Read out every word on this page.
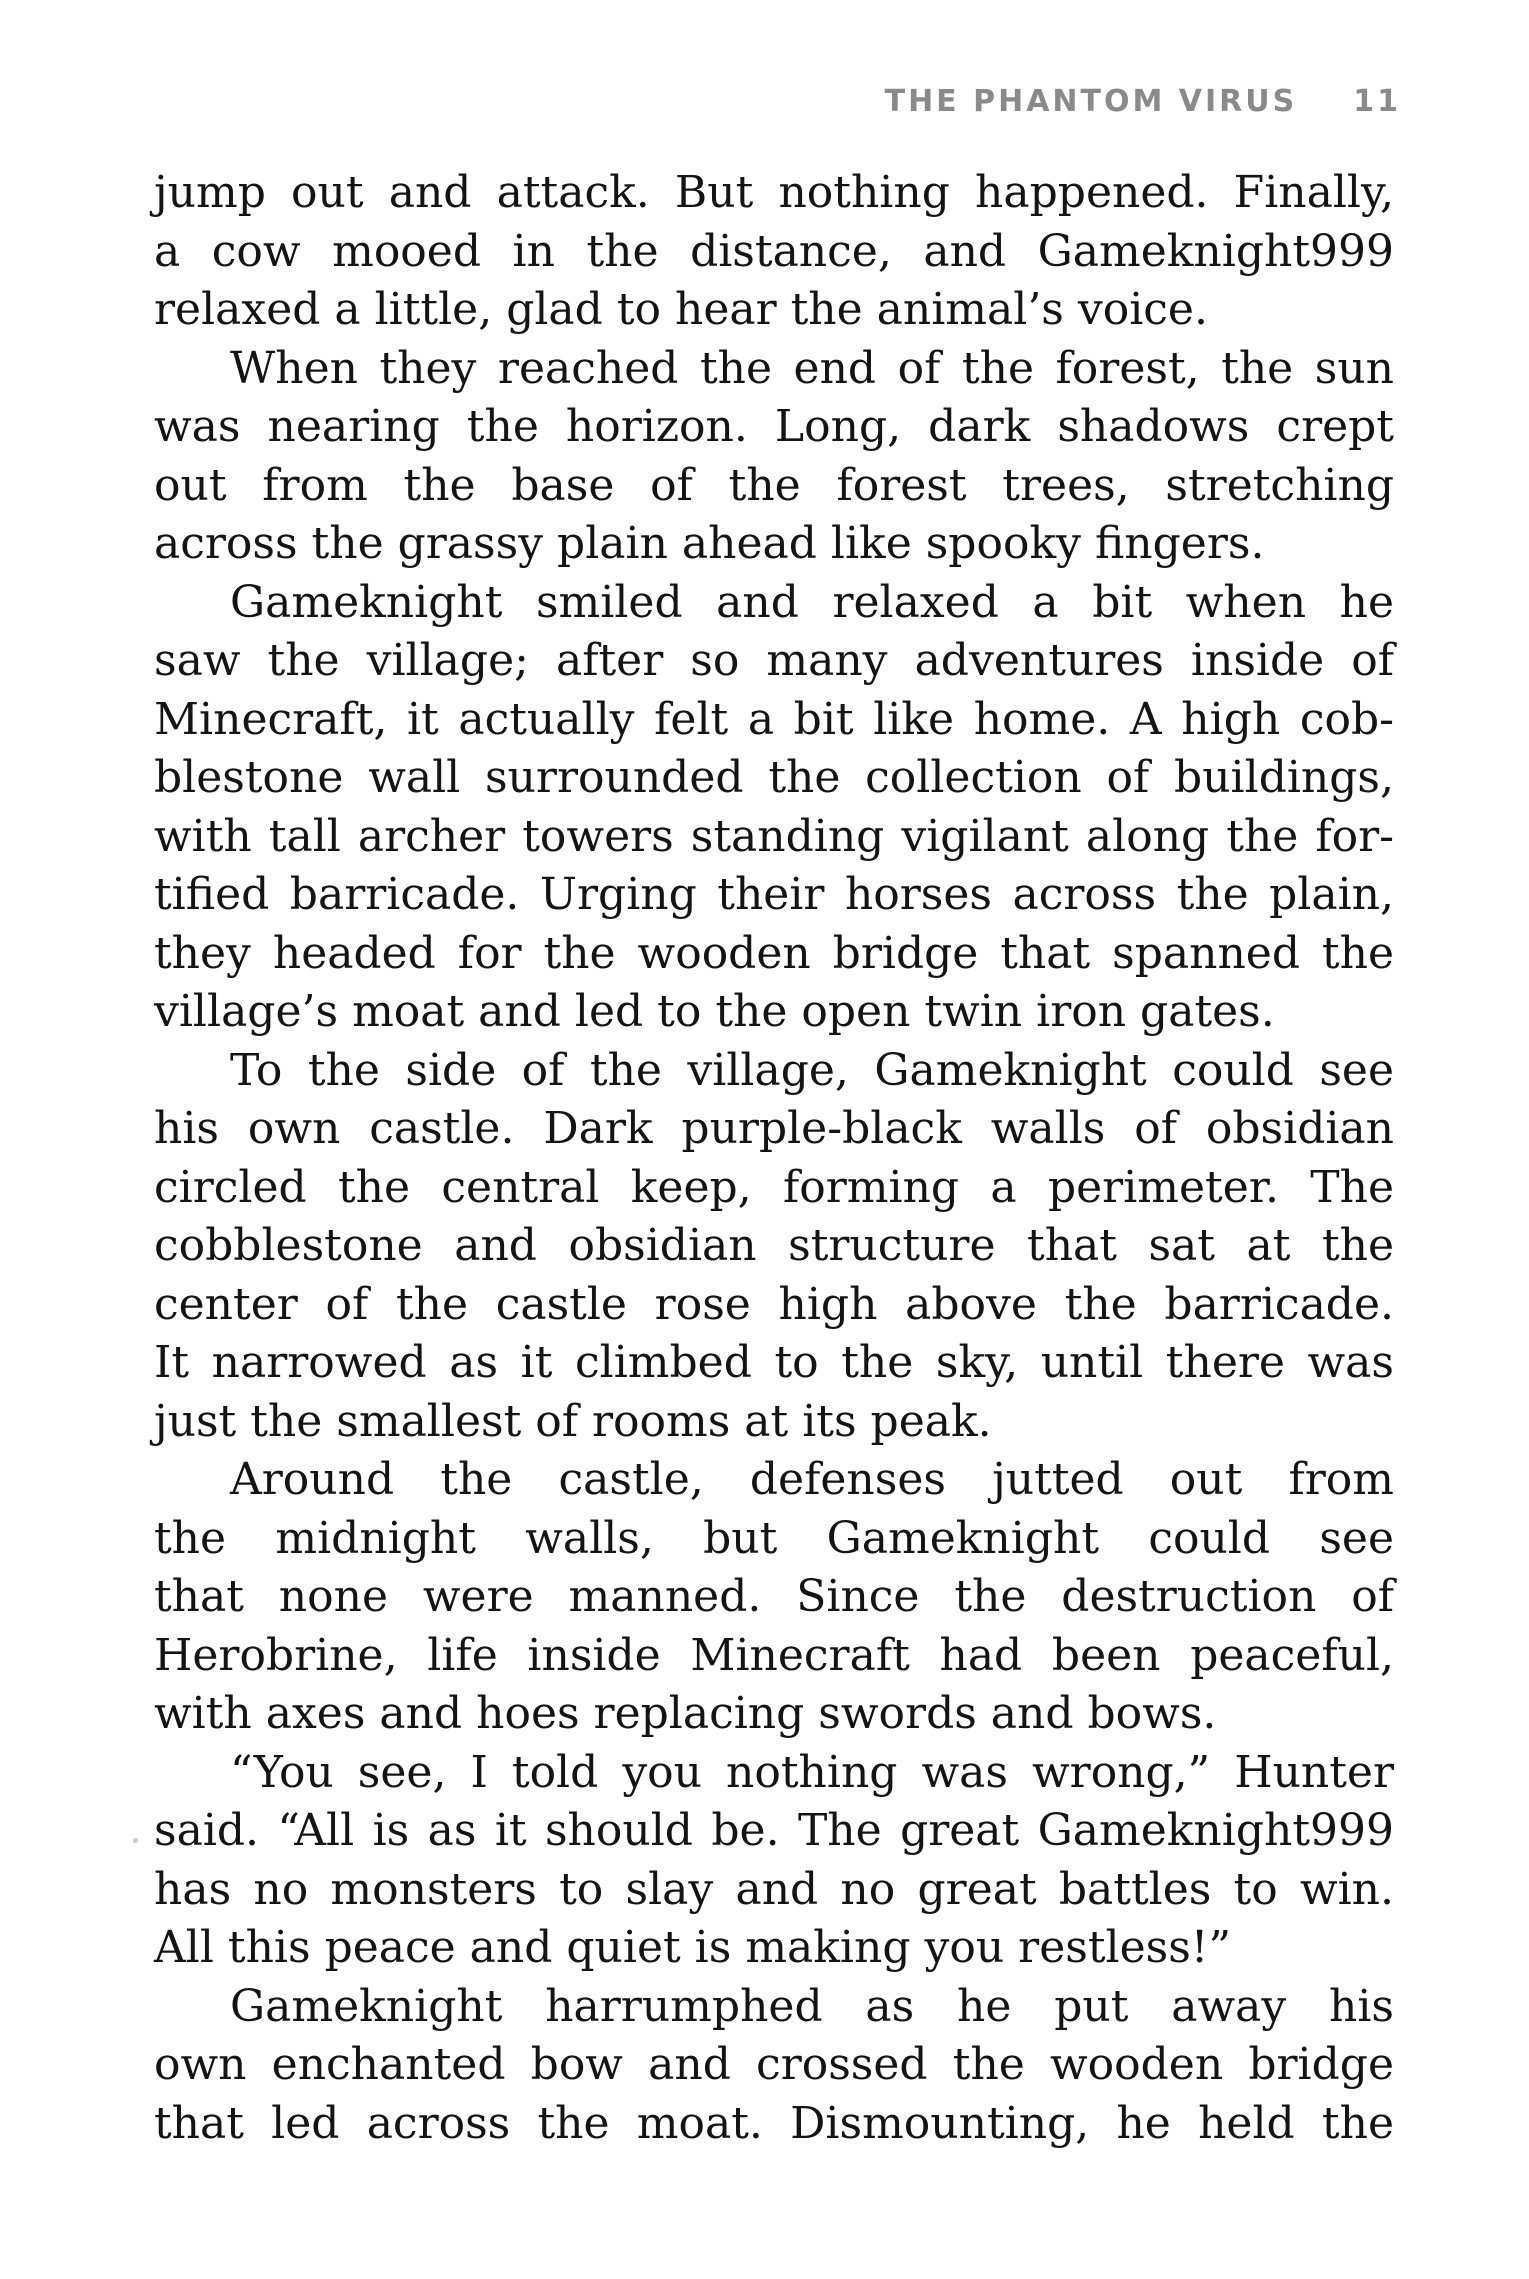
THE PHANTOM VIRUS 11

jump out and attack. But nothing happened. Finally,
a cow mooed in the distance, and Gameknight999
relaxed a little, glad to hear the animal’s voice.

When they reached the end of the forest, the sun
was nearing the horizon. Long, dark shadows crept
out from the base of the forest trees, stretching
across the grassy plain ahead like spooky fingers.

Gameknight smiled and relaxed a bit when he
saw the village; after so many adventures inside of
Minecraft, it actually felt a bit like home. A high cob-
blestone wall surrounded the collection of buildings,
with tall archer towers standing vigilant along the for-
tified barricade. Urging their horses across the plain,
they headed for the wooden bridge that spanned the
village’s moat and led to the open twin iron gates.

To the side of the village, Gameknight could see
his own castle. Dark purple-black walls of obsidian
circled the central keep, forming a perimeter. The
cobblestone and obsidian structure that sat at the
center of the castle rose high above the barricade.
It narrowed as it climbed to the sky, until there was
just the smallest of rooms at its peak.

Around the castle, defenses jutted out from
the midnight walls, but Gameknight could see
that none were manned. Since the destruction of
Herobrine, life inside Minecraft had been peaceful,
with axes and hoes replacing swords and bows.

“You see, I told you nothing was wrong,” Hunter
said. “All is as it should be. The great Gameknight999
has no monsters to slay and no great battles to win.
All this peace and quiet is making you restless!”

Gameknight harrumphed as he put away his
own enchanted bow and crossed the wooden bridge
that led across the moat. Dismounting, he held the
